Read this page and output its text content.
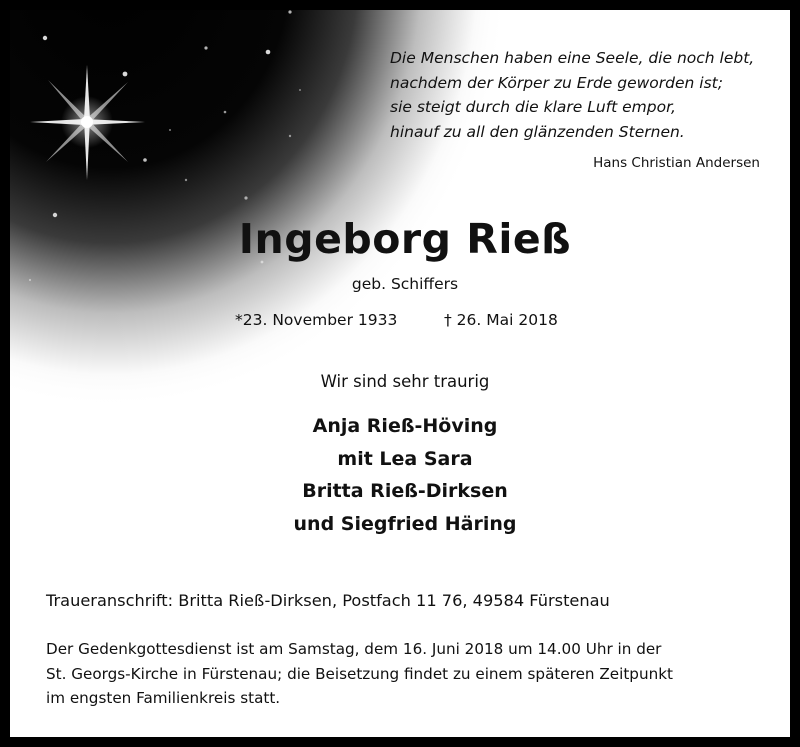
Die Menschen haben eine Seele, die noch lebt,
nachdem der Körper zu Erde geworden ist;
sie steigt durch die klare Luft empor,
hinauf zu all den glänzenden Sternen.
Hans Christian Andersen
Ingeborg Rieß
geb. Schiffers
*23. November 1933	† 26. Mai 2018
Wir sind sehr traurig
Anja Rieß-Höving
mit Lea Sara
Britta Rieß-Dirksen
und Siegfried Häring
Traueranschrift: Britta Rieß-Dirksen, Postfach 11 76, 49584 Fürstenau
Der Gedenkgottesdienst ist am Samstag, dem 16. Juni 2018 um 14.00 Uhr in der
St. Georgs-Kirche in Fürstenau; die Beisetzung findet zu einem späteren Zeitpunkt
im engsten Familienkreis statt.
